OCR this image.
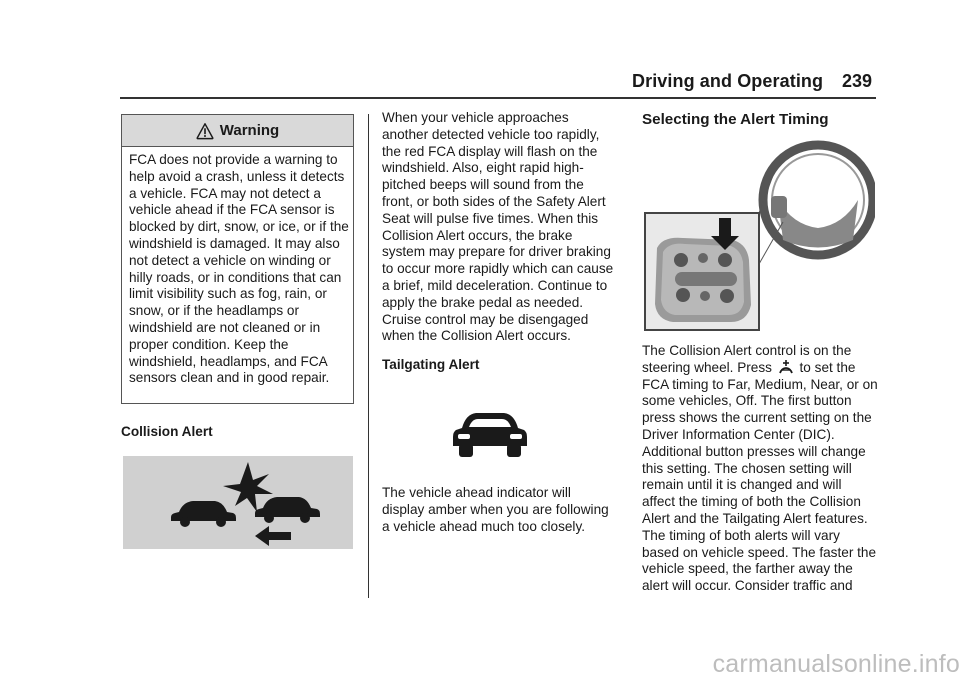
Driving and Operating 239
Warning
FCA does not provide a warning to help avoid a crash, unless it detects a vehicle. FCA may not detect a vehicle ahead if the FCA sensor is blocked by dirt, snow, or ice, or if the windshield is damaged. It may also not detect a vehicle on winding or hilly roads, or in conditions that can limit visibility such as fog, rain, or snow, or if the headlamps or windshield are not cleaned or in proper condition. Keep the windshield, headlamps, and FCA sensors clean and in good repair.
Collision Alert
When your vehicle approaches another detected vehicle too rapidly, the red FCA display will flash on the windshield. Also, eight rapid high-pitched beeps will sound from the front, or both sides of the Safety Alert Seat will pulse five times. When this Collision Alert occurs, the brake system may prepare for driver braking to occur more rapidly which can cause a brief, mild deceleration. Continue to apply the brake pedal as needed. Cruise control may be disengaged when the Collision Alert occurs.
Tailgating Alert
The vehicle ahead indicator will display amber when you are following a vehicle ahead much too closely.
Selecting the Alert Timing
The Collision Alert control is on the steering wheel. Press to set the FCA timing to Far, Medium, Near, or on some vehicles, Off. The first button press shows the current setting on the Driver Information Center (DIC). Additional button presses will change this setting. The chosen setting will remain until it is changed and will affect the timing of both the Collision Alert and the Tailgating Alert features. The timing of both alerts will vary based on vehicle speed. The faster the vehicle speed, the farther away the alert will occur. Consider traffic and
carmanualsonline.info
